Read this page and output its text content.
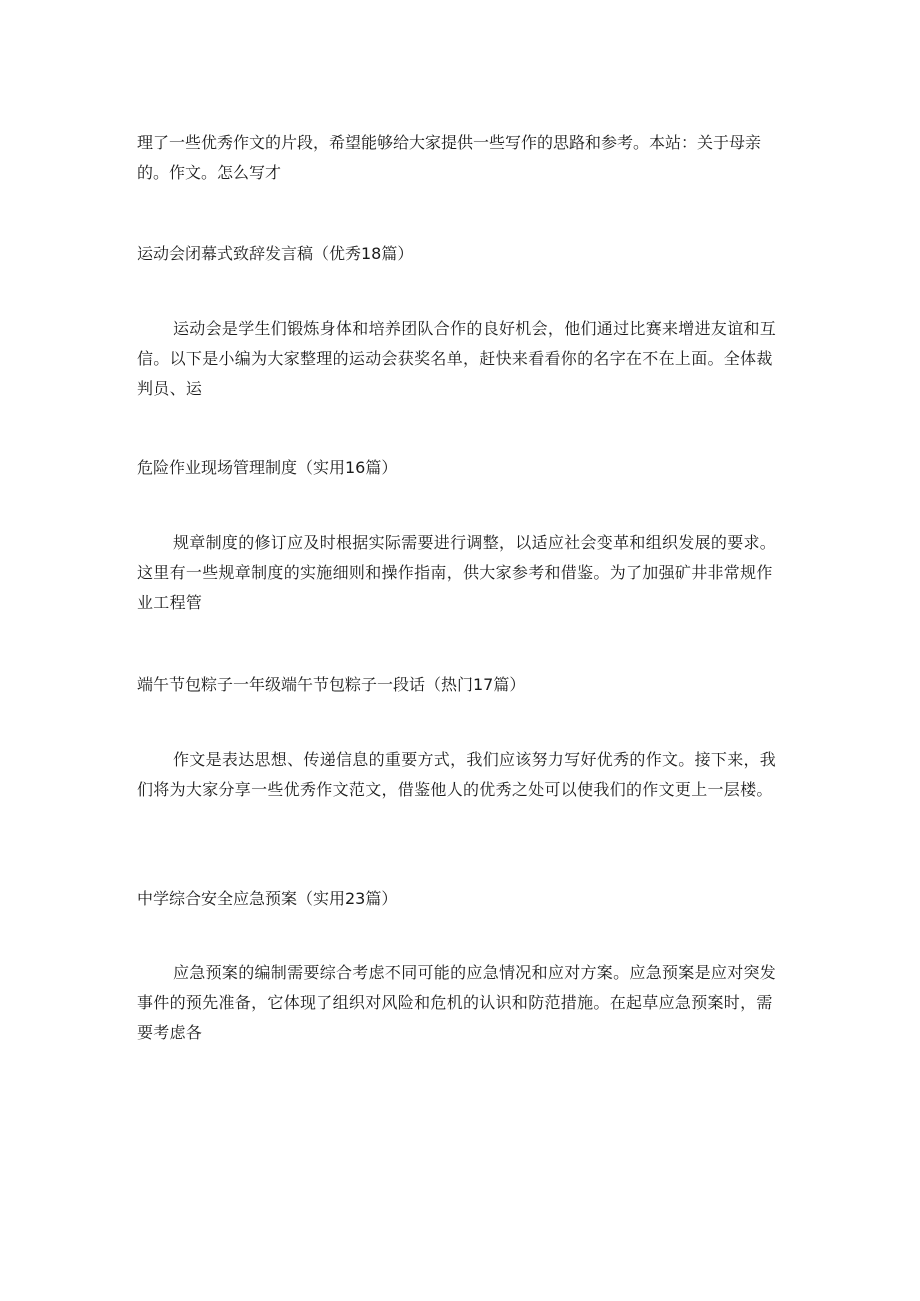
理了一些优秀作文的片段，希望能够给大家提供一些写作的思路和参考。本站：关于母亲的。作文。怎么写才

运动会闭幕式致辞发言稿（优秀18篇）

运动会是学生们锻炼身体和培养团队合作的良好机会，他们通过比赛来增进友谊和互信。以下是小编为大家整理的运动会获奖名单，赶快来看看你的名字在不在上面。全体裁判员、运

危险作业现场管理制度（实用16篇）

规章制度的修订应及时根据实际需要进行调整，以适应社会变革和组织发展的要求。这里有一些规章制度的实施细则和操作指南，供大家参考和借鉴。为了加强矿井非常规作业工程管

端午节包粽子一年级端午节包粽子一段话（热门17篇）

作文是表达思想、传递信息的重要方式，我们应该努力写好优秀的作文。接下来，我们将为大家分享一些优秀作文范文，借鉴他人的优秀之处可以使我们的作文更上一层楼。

中学综合安全应急预案（实用23篇）

应急预案的编制需要综合考虑不同可能的应急情况和应对方案。应急预案是应对突发事件的预先准备，它体现了组织对风险和危机的认识和防范措施。在起草应急预案时，需要考虑各
